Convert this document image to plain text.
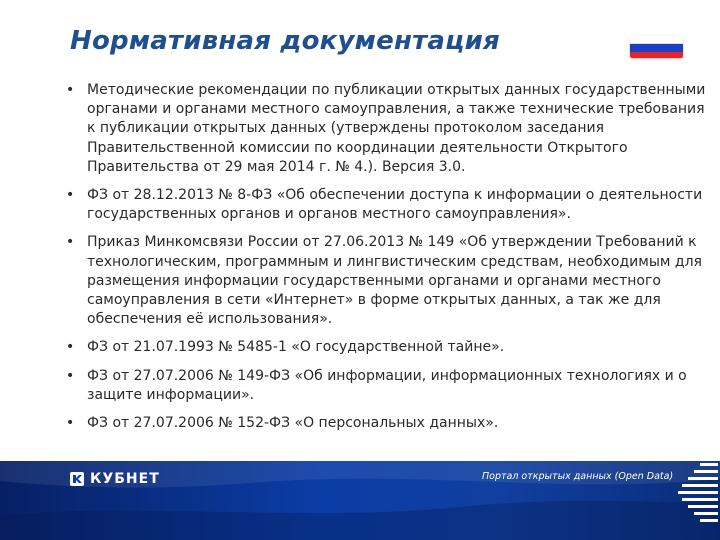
Нормативная документация
• Методические рекомендации по публикации открытых данных государственными органами и органами местного самоуправления, а также технические требования к публикации открытых данных (утверждены протоколом заседания Правительственной комиссии по координации деятельности Открытого Правительства от 29 мая 2014 г. № 4.). Версия 3.0.
• ФЗ от 28.12.2013 № 8-ФЗ «Об обеспечении доступа к информации о деятельности государственных органов и органов местного самоуправления».
• Приказ Минкомсвязи России от 27.06.2013 № 149 «Об утверждении Требований к технологическим, программным и лингвистическим средствам, необходимым для размещения информации государственными органами и органами местного самоуправления в сети «Интернет» в форме открытых данных, а так же для обеспечения её использования».
• ФЗ от 21.07.1993 № 5485-1 «О государственной тайне».
• ФЗ от 27.07.2006 № 149-ФЗ «Об информации, информационных технологиях и о защите информации».
• ФЗ от 27.07.2006 № 152-ФЗ «О персональных данных».
КУБНЕТ	Портал открытых данных (Open Data)
